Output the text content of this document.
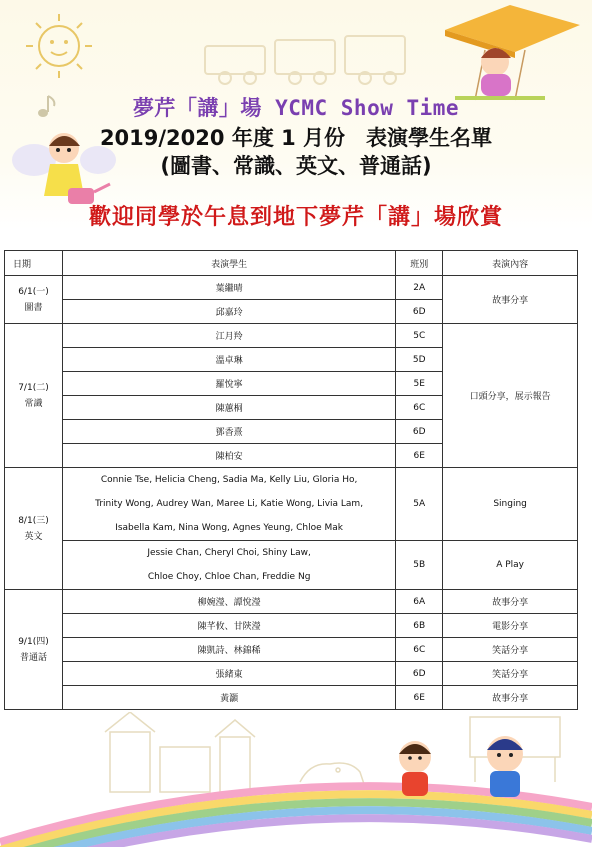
夢芹「講」場 YCMC Show Time
2019/2020 年度 1 月份　表演學生名單
(圖書、常識、英文、普通話)
歡迎同學於午息到地下夢芹「講」場欣賞
日期	表演學生	班別	表演內容

6/1(一)
圖書	葉繼晴	2A	故事分享
	邱嘉玲	6D	

7/1(二)
常識	江月羚	5C	口頭分享，展示報告
	溫卓琳	5D	
	羅悅寧	5E	
	陳蕙桐	6C	
	鄧香熹	6D	
	陳柏安	6E	

8/1(三)
英文	Connie Tse, Helicia Cheng, Sadia Ma, Kelly Liu, Gloria Ho,
Trinity Wong, Audrey Wan, Maree Li, Katie Wong, Livia Lam,
Isabella Kam, Nina Wong, Agnes Yeung, Chloe Mak	5A	Singing

	Jessie Chan, Cheryl Choi, Shiny Law,
Chloe Choy, Chloe Chan, Freddie Ng	5B	A Play

9/1(四)
普通話	柳婉瀅、譚悅瀅	6A	故事分享
	陳芊攸、甘陝瀅	6B	電影分享
	陳凱詩、林錦稀	6C	笑話分享
	張緒東	6D	笑話分享
	黃灝	6E	故事分享
